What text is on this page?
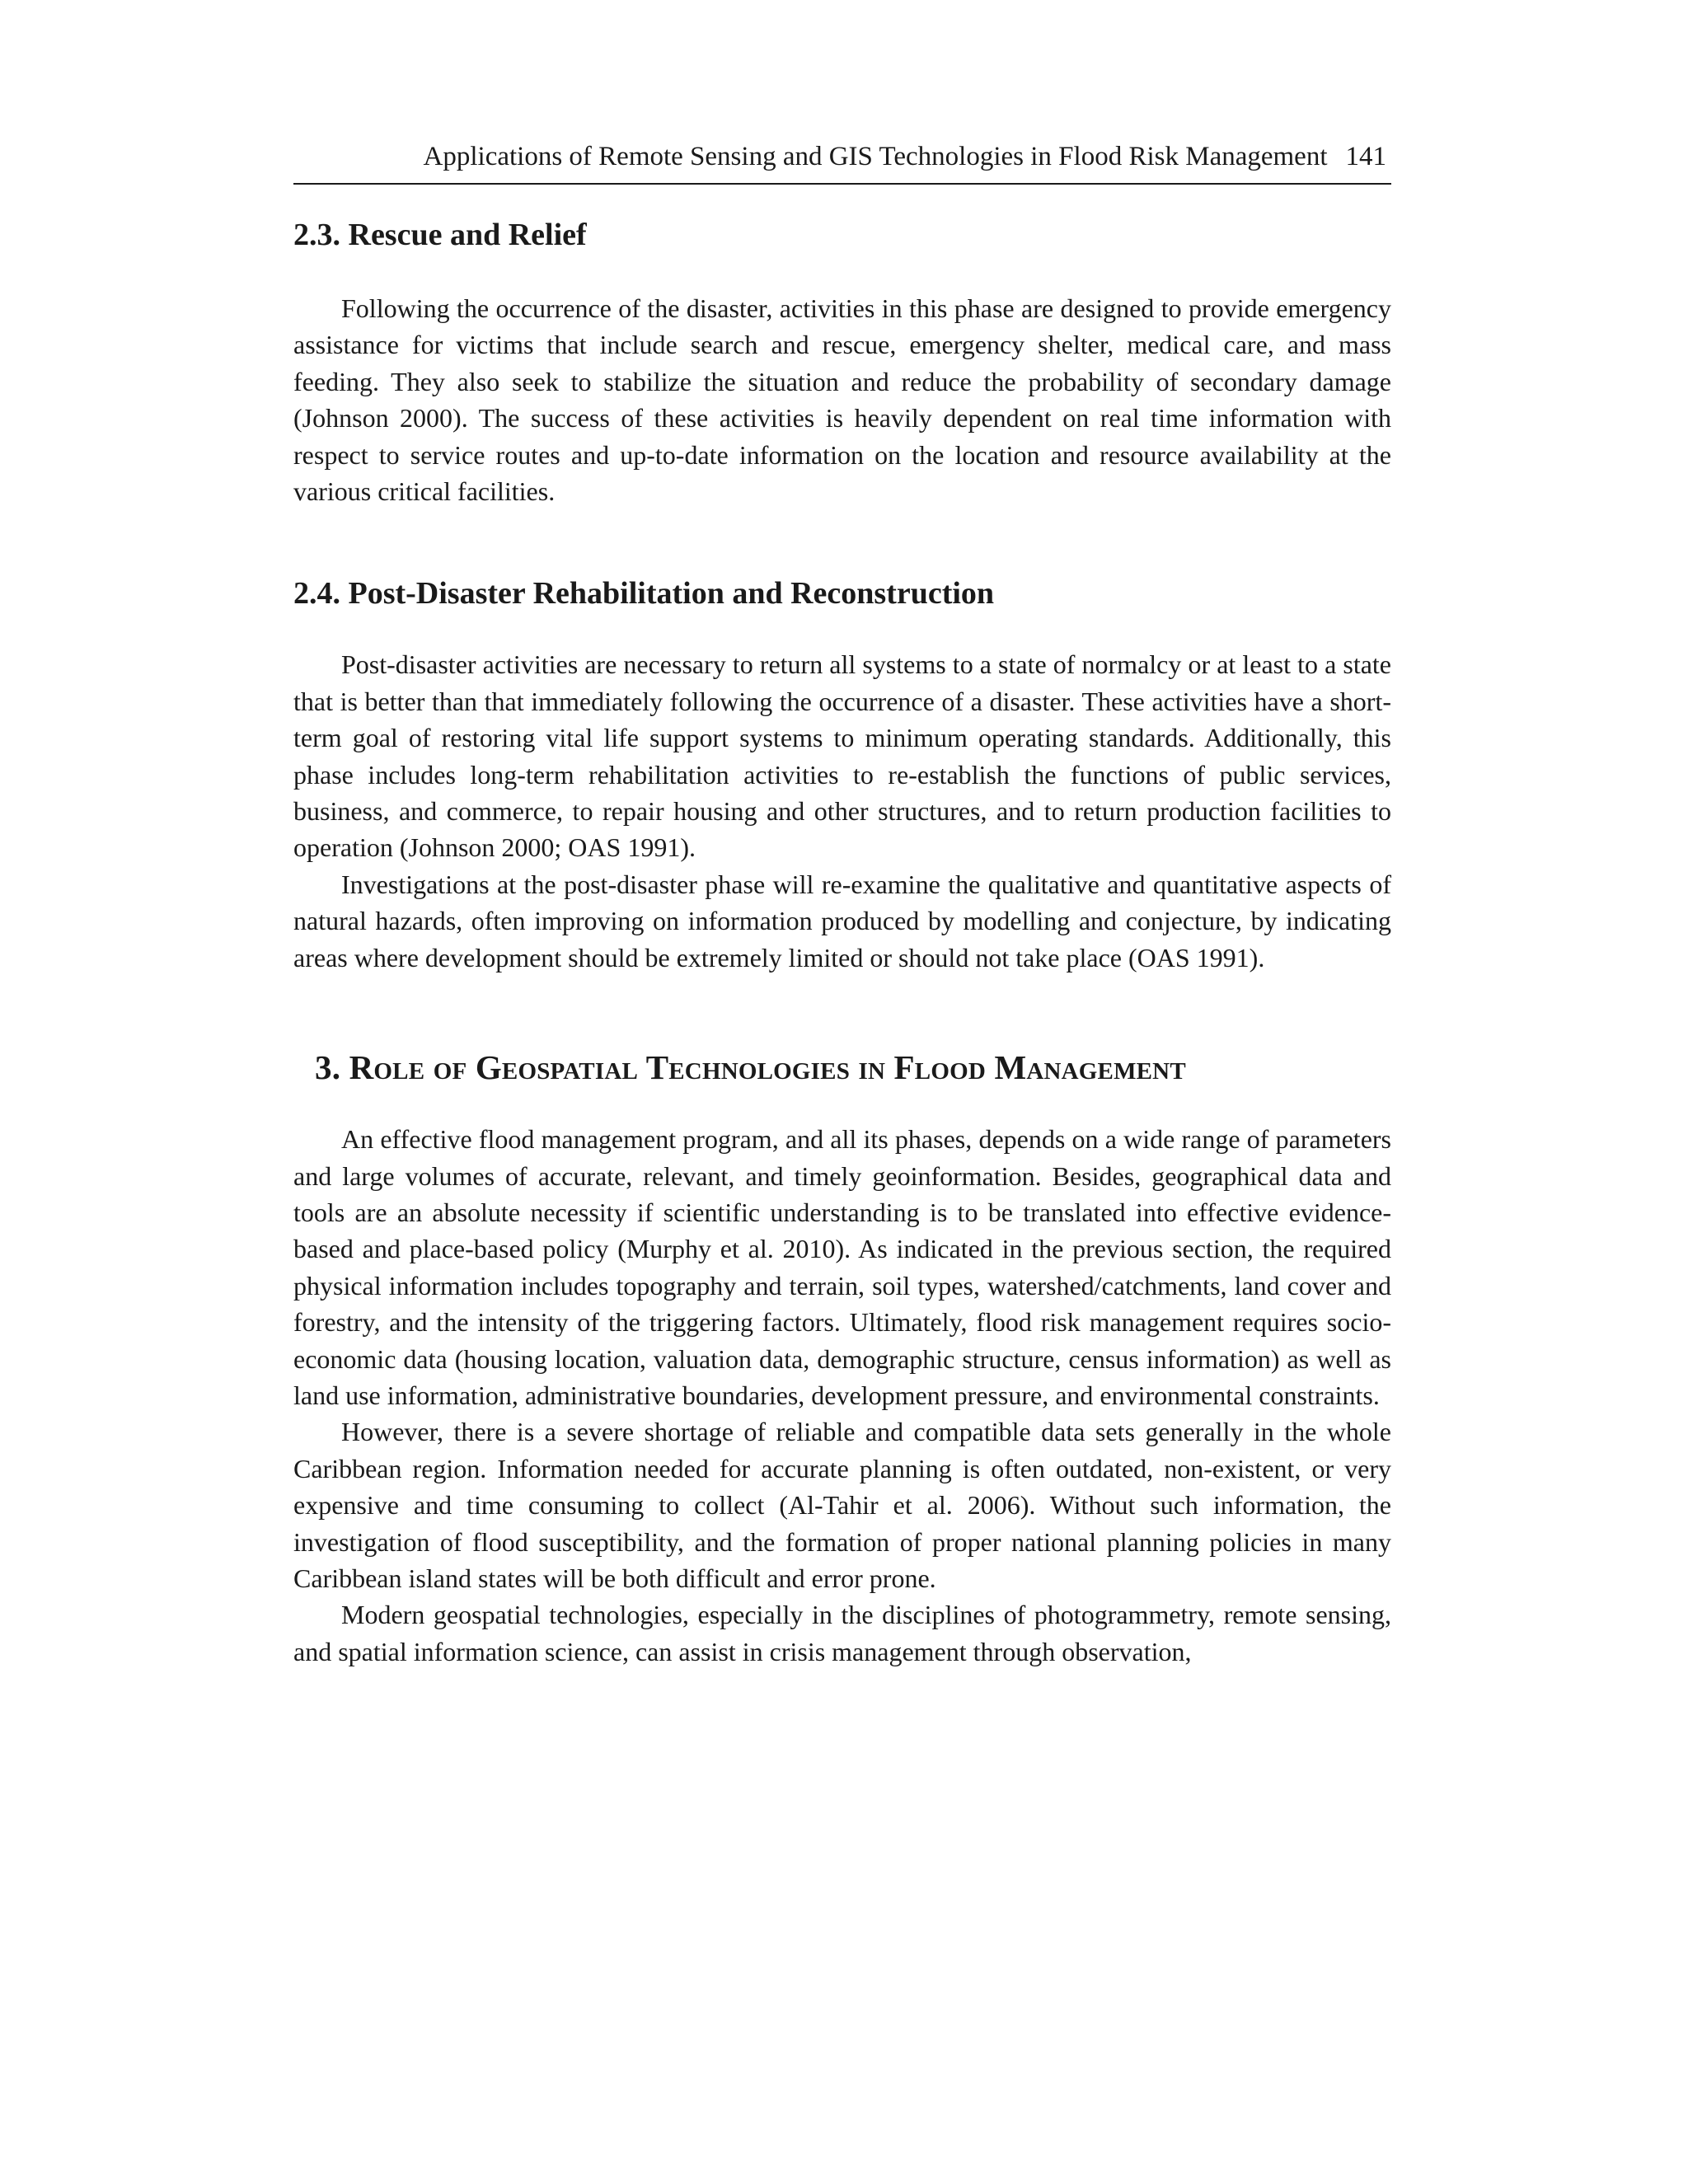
Applications of Remote Sensing and GIS Technologies in Flood Risk Management 141
2.3. Rescue and Relief

Following the occurrence of the disaster, activities in this phase are designed to provide emergency assistance for victims that include search and rescue, emergency shelter, medical care, and mass feeding. They also seek to stabilize the situation and reduce the probability of secondary damage (Johnson 2000). The success of these activities is heavily dependent on real time information with respect to service routes and up-to-date information on the location and resource availability at the various critical facilities.

2.4. Post-Disaster Rehabilitation and Reconstruction

Post-disaster activities are necessary to return all systems to a state of normalcy or at least to a state that is better than that immediately following the occurrence of a disaster. These activities have a short-term goal of restoring vital life support systems to minimum operating standards. Additionally, this phase includes long-term rehabilitation activities to re-establish the functions of public services, business, and commerce, to repair housing and other structures, and to return production facilities to operation (Johnson 2000; OAS 1991).

Investigations at the post-disaster phase will re-examine the qualitative and quantitative aspects of natural hazards, often improving on information produced by modelling and conjecture, by indicating areas where development should be extremely limited or should not take place (OAS 1991).

3. Role of Geospatial Technologies in Flood Management

An effective flood management program, and all its phases, depends on a wide range of parameters and large volumes of accurate, relevant, and timely geoinformation. Besides, geographical data and tools are an absolute necessity if scientific understanding is to be translated into effective evidence-based and place-based policy (Murphy et al. 2010). As indicated in the previous section, the required physical information includes topography and terrain, soil types, watershed/catchments, land cover and forestry, and the intensity of the triggering factors. Ultimately, flood risk management requires socio-economic data (housing location, valuation data, demographic structure, census information) as well as land use information, administrative boundaries, development pressure, and environmental constraints.

However, there is a severe shortage of reliable and compatible data sets generally in the whole Caribbean region. Information needed for accurate planning is often outdated, non-existent, or very expensive and time consuming to collect (Al-Tahir et al. 2006). Without such information, the investigation of flood susceptibility, and the formation of proper national planning policies in many Caribbean island states will be both difficult and error prone.

Modern geospatial technologies, especially in the disciplines of photogrammetry, remote sensing, and spatial information science, can assist in crisis management through observation,
